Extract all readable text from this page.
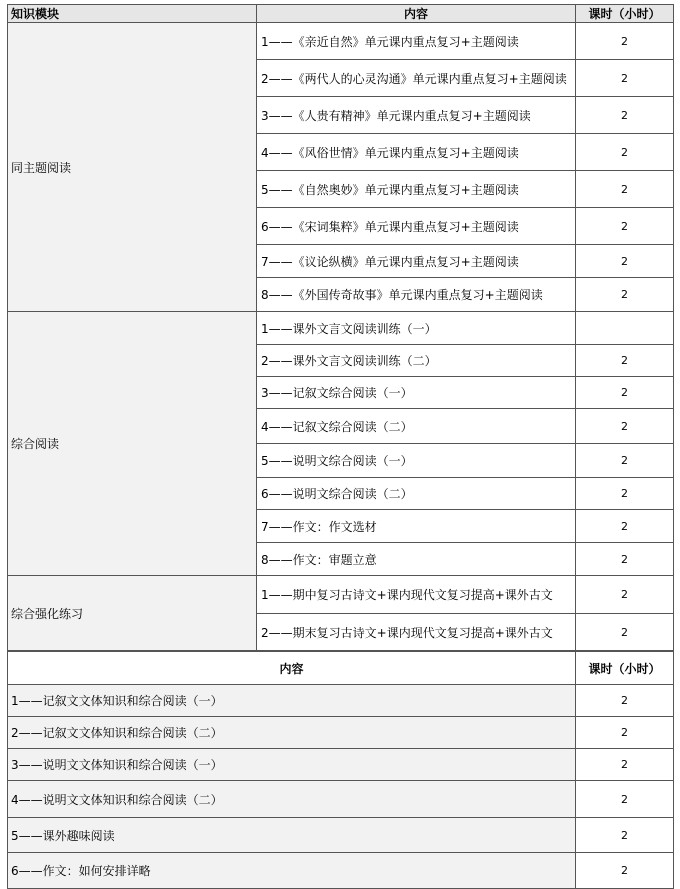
知识模块	内容	课时（小时）
同主题阅读	1——《亲近自然》单元课内重点复习+主题阅读	2
	2——《两代人的心灵沟通》单元课内重点复习+主题阅读	2
	3——《人贵有精神》单元课内重点复习+主题阅读	2
	4——《风俗世情》单元课内重点复习+主题阅读	2
	5——《自然奥妙》单元课内重点复习+主题阅读	2
	6——《宋词集粹》单元课内重点复习+主题阅读	2
	7——《议论纵横》单元课内重点复习+主题阅读	2
	8——《外国传奇故事》单元课内重点复习+主题阅读	2
综合阅读	1——课外文言文阅读训练（一）	
	2——课外文言文阅读训练（二）	2
	3——记叙文综合阅读（一）	2
	4——记叙文综合阅读（二）	2
	5——说明文综合阅读（一）	2
	6——说明文综合阅读（二）	2
	7——作文：作文选材	2
	8——作文：审题立意	2
综合强化练习	1——期中复习古诗文+课内现代文复习提高+课外古文	2
	2——期末复习古诗文+课内现代文复习提高+课外古文	2
内容	课时（小时）
1——记叙文文体知识和综合阅读（一）	2
2——记叙文文体知识和综合阅读（二）	2
3——说明文文体知识和综合阅读（一）	2
4——说明文文体知识和综合阅读（二）	2
5——课外趣味阅读	2
6——作文：如何安排详略	2
